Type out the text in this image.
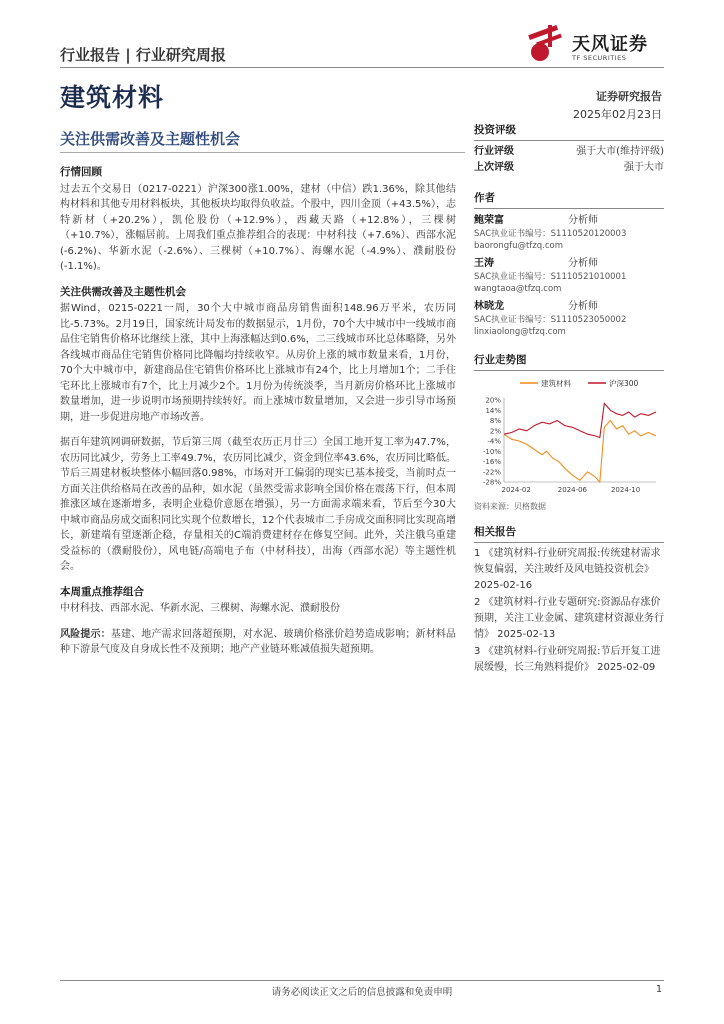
行业报告 | 行业研究周报
建筑材料
天风证券
TF SECURITIES
证券研究报告
2025年02月23日
关注供需改善及主题性机会
行情回顾
过去五个交易日（0217-0221）沪深300涨1.00%，建材（中信）跌1.36%，除其他结构材料和其他专用材料板块，其他板块均取得负收益。个股中，四川金顶（+43.5%），志特新材（+20.2%），凯伦股份（+12.9%），西藏天路（+12.8%），三棵树（+10.7%），涨幅居前。上周我们重点推荐组合的表现：中材科技（+7.6%）、西部水泥(-6.2%)、华新水泥（-2.6%）、三棵树（+10.7%）、海螺水泥（-4.9%）、濮耐股份(-1.1%)。
关注供需改善及主题性机会
据Wind，0215-0221一周，30个大中城市商品房销售面积148.96万平米，农历同比-5.73%。2月19日，国家统计局发布的数据显示，1月份，70个大中城市中一线城市商品住宅销售价格环比继续上涨，其中上海涨幅达到0.6%，二三线城市环比总体略降，另外各线城市商品住宅销售价格同比降幅均持续收窄。从房价上涨的城市数量来看，1月份，70个大中城市中，新建商品住宅销售价格环比上涨城市有24个，比上月增加1个；二手住宅环比上涨城市有7个，比上月减少2个。1月份为传统淡季，当月新房价格环比上涨城市数量增加，进一步说明市场预期持续转好。而上涨城市数量增加，又会进一步引导市场预期，进一步促进房地产市场改善。
据百年建筑网调研数据，节后第三周（截至农历正月廿三）全国工地开复工率为47.7%，农历同比减少，劳务上工率49.7%，农历同比减少，资金到位率43.6%，农历同比略低。节后三周建材板块整体小幅回落0.98%，市场对开工偏弱的现实已基本接受，当前时点一方面关注供给格局在改善的品种，如水泥（虽然受需求影响全国价格在震荡下行，但本周推涨区域在逐渐增多，表明企业稳价意愿在增强），另一方面需求端来看，节后至今30大中城市商品房成交面积同比实现个位数增长，12个代表城市二手房成交面积同比实现高增长，新建端有望逐渐企稳，存量相关的C端消费建材存在修复空间。此外，关注俄乌重建受益标的（濮耐股份），风电链/高端电子布（中材科技），出海（西部水泥）等主题性机会。
本周重点推荐组合
中材科技、西部水泥、华新水泥、三棵树、海螺水泥、濮耐股份
风险提示：基建、地产需求回落超预期，对水泥、玻璃价格涨价趋势造成影响；新材料品种下游景气度及自身成长性不及预期；地产产业链环账减值损失超预期。
投资评级
行业评级	强于大市(维持评级)
上次评级	强于大市
作者
鲍荣富	分析师
SAC执业证书编号：S1110520120003
baorongfu@tfzq.com
王涛	分析师
SAC执业证书编号：S1110521010001
wangtaoa@tfzq.com
林晓龙	分析师
SAC执业证书编号：S1110523050002
linxiaolong@tfzq.com
行业走势图
建筑材料	沪深300
20%
14%
8%
2%
-4%
-10%
-16%
-22%
-28%
2024-02	2024-06	2024-10
资料来源：贝格数据
相关报告
1 《建筑材料-行业研究周报:传统建材需求恢复偏弱，关注玻纤及风电链投资机会》 2025-02-16
2 《建筑材料-行业专题研究:资源品存涨价预期，关注工业金属、建筑建材资源业务行情》 2025-02-13
3 《建筑材料-行业研究周报:节后开复工进展缓慢，长三角熟料提价》 2025-02-09
请务必阅读正文之后的信息披露和免责申明	1
